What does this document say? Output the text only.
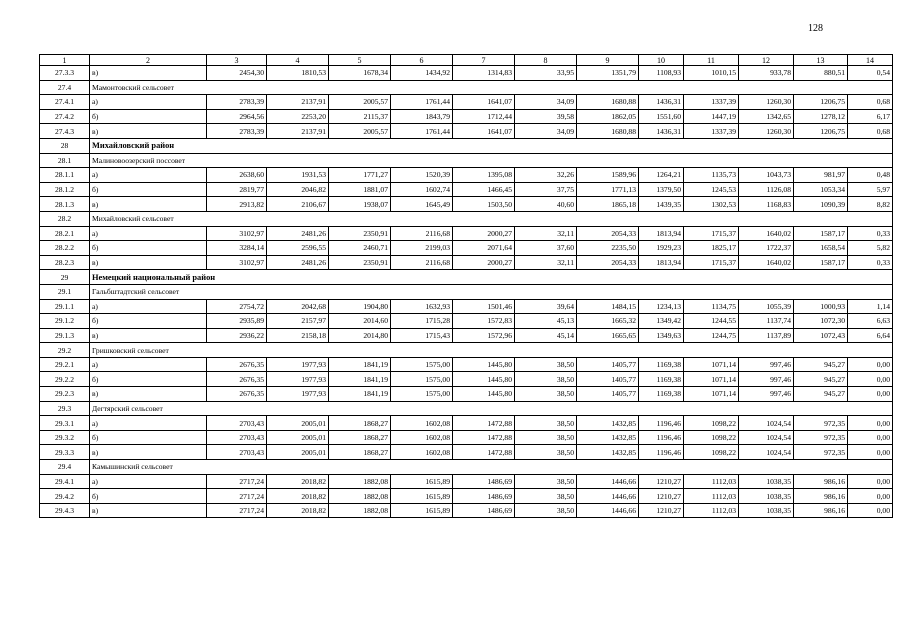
128
1	2	3	4	5	6	7	8	9	10	11	12	13	14
27.3.3	в)	2454,30	1810,53	1678,34	1434,92	1314,83	33,95	1351,79	1108,93	1010,15	933,78	880,51	0,54
27.4	Мамонтовский сельсовет												
27.4.1	а)	2783,39	2137,91	2005,57	1761,44	1641,07	34,09	1680,88	1436,31	1337,39	1260,30	1206,75	0,68
27.4.2	б)	2964,56	2253,20	2115,37	1843,79	1712,44	39,58	1862,05	1551,60	1447,19	1342,65	1278,12	6,17
27.4.3	в)	2783,39	2137,91	2005,57	1761,44	1641,07	34,09	1680,88	1436,31	1337,39	1260,30	1206,75	0,68
28	Михайловский район												
28.1	Малиновоозерский поссовет												
28.1.1	а)	2638,60	1931,53	1771,27	1520,39	1395,08	32,26	1589,96	1264,21	1135,73	1043,73	981,97	0,48
28.1.2	б)	2819,77	2046,82	1881,07	1602,74	1466,45	37,75	1771,13	1379,50	1245,53	1126,08	1053,34	5,97
28.1.3	в)	2913,82	2106,67	1938,07	1645,49	1503,50	40,60	1865,18	1439,35	1302,53	1168,83	1090,39	8,82
28.2	Михайловский сельсовет												
28.2.1	а)	3102,97	2481,26	2350,91	2116,68	2000,27	32,11	2054,33	1813,94	1715,37	1640,02	1587,17	0,33
28.2.2	б)	3284,14	2596,55	2460,71	2199,03	2071,64	37,60	2235,50	1929,23	1825,17	1722,37	1658,54	5,82
28.2.3	в)	3102,97	2481,26	2350,91	2116,68	2000,27	32,11	2054,33	1813,94	1715,37	1640,02	1587,17	0,33
29	Немецкий национальный район												
29.1	Гальбштадтский сельсовет												
29.1.1	а)	2754,72	2042,68	1904,80	1632,93	1501,46	39,64	1484,15	1234,13	1134,75	1055,39	1000,93	1,14
29.1.2	б)	2935,89	2157,97	2014,60	1715,28	1572,83	45,13	1665,32	1349,42	1244,55	1137,74	1072,30	6,63
29.1.3	в)	2936,22	2158,18	2014,80	1715,43	1572,96	45,14	1665,65	1349,63	1244,75	1137,89	1072,43	6,64
29.2	Гришковский сельсовет												
29.2.1	а)	2676,35	1977,93	1841,19	1575,00	1445,80	38,50	1405,77	1169,38	1071,14	997,46	945,27	0,00
29.2.2	б)	2676,35	1977,93	1841,19	1575,00	1445,80	38,50	1405,77	1169,38	1071,14	997,46	945,27	0,00
29.2.3	в)	2676,35	1977,93	1841,19	1575,00	1445,80	38,50	1405,77	1169,38	1071,14	997,46	945,27	0,00
29.3	Дегтярский сельсовет												
29.3.1	а)	2703,43	2005,01	1868,27	1602,08	1472,88	38,50	1432,85	1196,46	1098,22	1024,54	972,35	0,00
29.3.2	б)	2703,43	2005,01	1868,27	1602,08	1472,88	38,50	1432,85	1196,46	1098,22	1024,54	972,35	0,00
29.3.3	в)	2703,43	2005,01	1868,27	1602,08	1472,88	38,50	1432,85	1196,46	1098,22	1024,54	972,35	0,00
29.4	Камышинский сельсовет												
29.4.1	а)	2717,24	2018,82	1882,08	1615,89	1486,69	38,50	1446,66	1210,27	1112,03	1038,35	986,16	0,00
29.4.2	б)	2717,24	2018,82	1882,08	1615,89	1486,69	38,50	1446,66	1210,27	1112,03	1038,35	986,16	0,00
29.4.3	в)	2717,24	2018,82	1882,08	1615,89	1486,69	38,50	1446,66	1210,27	1112,03	1038,35	986,16	0,00
